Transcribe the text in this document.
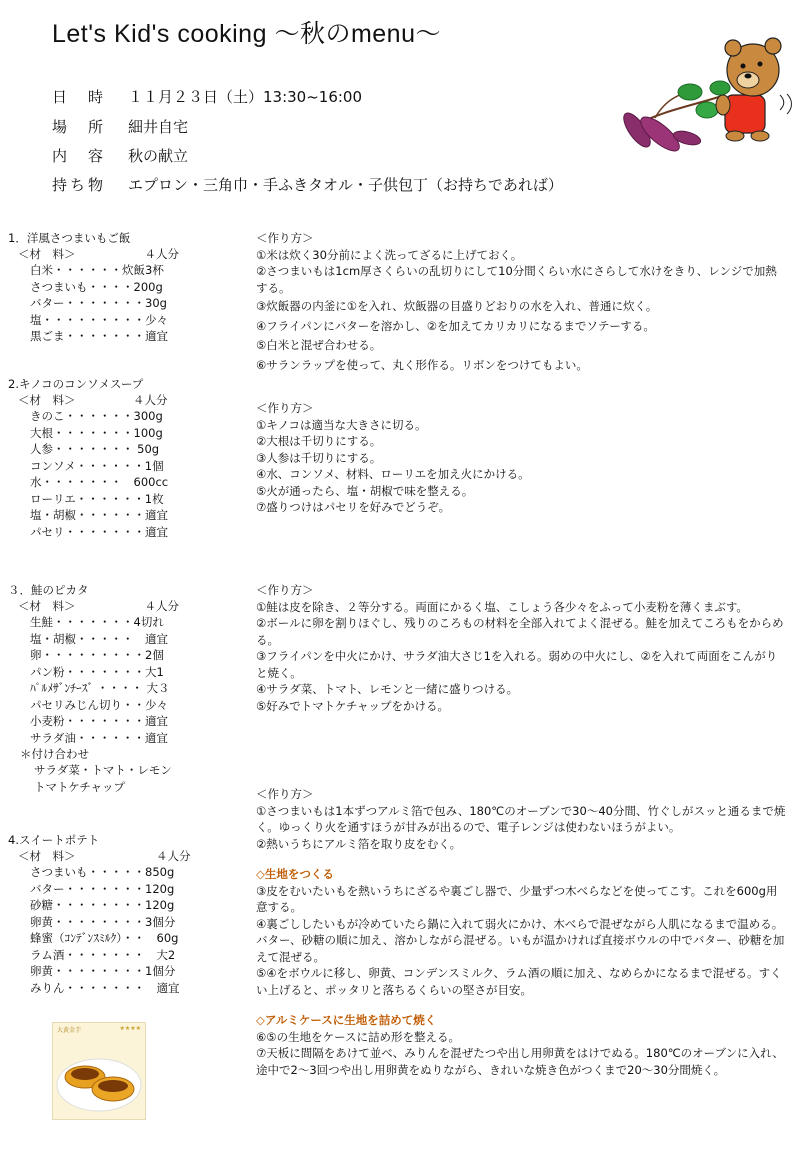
Let's Kid's cooking ～秋のmenu～
日　時 １１月２３日（土）13:30~16:00
場　所 細井自宅
内　容 秋の献立
持ち物 エプロン・三角巾・手ふきタオル・子供包丁（お持ちであれば）
1．洋風さつまいもご飯
＜材　料＞　　　　　　４人分
白米・・・・・・炊飯3杯
さつまいも・・・・200g
バター・・・・・・・30g
塩・・・・・・・・・少々
黒ごま・・・・・・・適宜
＜作り方＞
①米は炊く30分前によく洗ってざるに上げておく。
②さつまいもは1cm厚さくらいの乱切りにして10分間くらい水にさらして水けをきり、レンジで加熱する。
③炊飯器の内釜に①を入れ、炊飯器の目盛りどおりの水を入れ、普通に炊く。
④フライパンにバターを溶かし、②を加えてカリカリになるまでソテーする。
⑤白米と混ぜ合わせる。
⑥サランラップを使って、丸く形作る。リボンをつけてもよい。
2.キノコのコンソメスープ
＜材　料＞　　　　　４人分
きのこ・・・・・・300g
大根・・・・・・・100g
人参・・・・・・・ 50g
コンソメ・・・・・・1個
水・・・・・・・　600cc
ローリエ・・・・・・1枚
塩・胡椒・・・・・・適宜
パセリ・・・・・・・適宜
＜作り方＞
①キノコは適当な大きさに切る。
②大根は千切りにする。
③人参は千切りにする。
④水、コンソメ、材料、ローリエを加え火にかける。
⑤火が通ったら、塩・胡椒で味を整える。
⑦盛りつけはパセリを好みでどうぞ。
３．鮭のピカタ
＜材　料＞　　　　　　４人分
生鮭・・・・・・・4切れ
塩・胡椒・・・・・　適宜
卵・・・・・・・・・2個
パン粉・・・・・・・大1
ﾊﾟﾙﾒｻﾞﾝﾁｰｽﾞ ・・・・ 大３
パセリみじん切り・・少々
小麦粉・・・・・・・適宜
サラダ油・・・・・・適宜
＊付け合わせ
サラダ菜・トマト・レモン
トマトケチャップ
＜作り方＞
①鮭は皮を除き、２等分する。両面にかるく塩、こしょう各少々をふって小麦粉を薄くまぶす。
②ボールに卵を割りほぐし、残りのころもの材料を全部入れてよく混ぜる。鮭を加えてころもをからめる。
③フライパンを中火にかけ、サラダ油大さじ1を入れる。弱めの中火にし、②を入れて両面をこんがりと焼く。
④サラダ菜、トマト、レモンと一緒に盛りつける。
⑤好みでトマトケチャップをかける。
4.スイートポテト
＜材　料＞　　　　　　　４人分
さつまいも・・・・・850g
バター・・・・・・・120g
砂糖・・・・・・・・120g
卵黄・・・・・・・・3個分
蜂蜜（ｺﾝﾃﾞﾝｽﾐﾙｸ）・・　60g
ラム酒・・・・・・・　大2
卵黄・・・・・・・・1個分
みりん・・・・・・・　適宜
大黄金芋	★★★★
＜作り方＞
①さつまいもは1本ずつアルミ箔で包み、180℃のオーブンで30～40分間、竹ぐしがスッと通るまで焼く。ゆっくり火を通すほうが甘みが出るので、電子レンジは使わないほうがよい。
②熱いうちにアルミ箔を取り皮をむく。
◇生地をつくる
③皮をむいたいもを熱いうちにざるや裏ごし器で、少量ずつ木べらなどを使ってこす。これを600g用意する。
④裏ごししたいもが冷めていたら鍋に入れて弱火にかけ、木べらで混ぜながら人肌になるまで温める。バター、砂糖の順に加え、溶かしながら混ぜる。いもが温かければ直接ボウルの中でバター、砂糖を加えて混ぜる。
⑤④をボウルに移し、卵黄、コンデンスミルク、ラム酒の順に加え、なめらかになるまで混ぜる。すくい上げると、ポッタリと落ちるくらいの堅さが目安。
◇アルミケースに生地を詰めて焼く
⑥⑤の生地をケースに詰め形を整える。
⑦天板に間隔をあけて並べ、みりんを混ぜたつや出し用卵黄をはけでぬる。180℃のオーブンに入れ、途中で2～3回つや出し用卵黄をぬりながら、きれいな焼き色がつくまで20～30分間焼く。
